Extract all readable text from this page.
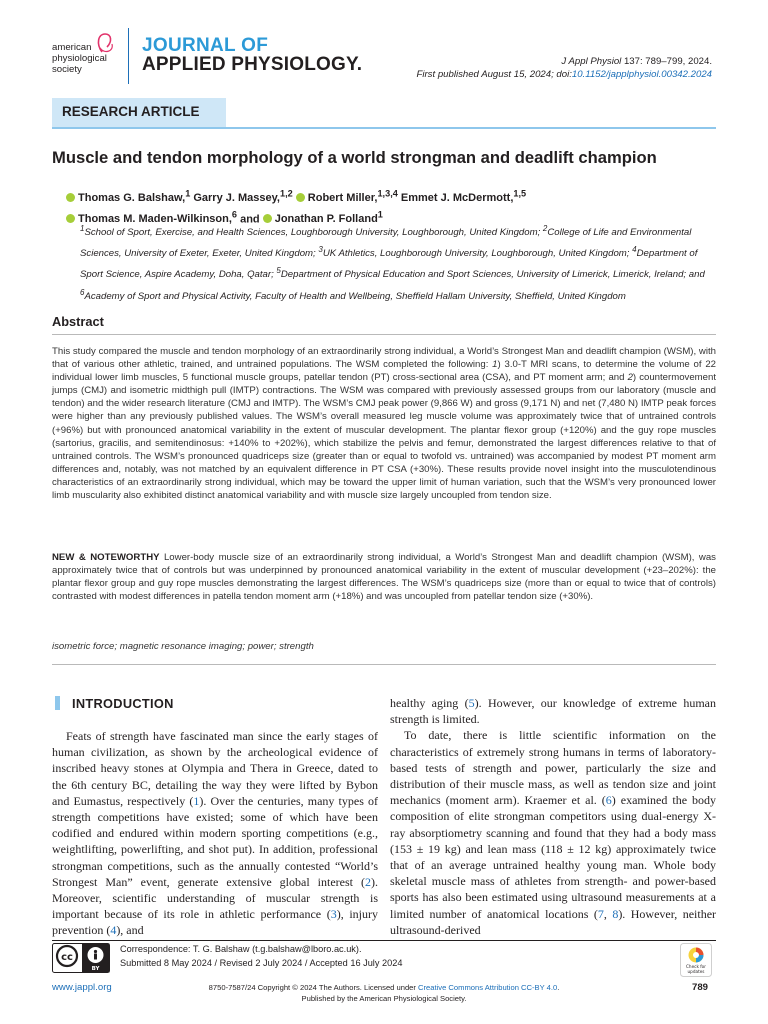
american
physiological
society
JOURNAL OF
APPLIED PHYSIOLOGY.	J Appl Physiol 137: 789–799, 2024.
First published August 15, 2024; doi:10.1152/japplphysiol.00342.2024
RESEARCH ARTICLE
Muscle and tendon morphology of a world strongman and deadlift champion
Thomas G. Balshaw,$^1$ Garry J. Massey,$^{1,2}$ Robert Miller,$^{1,3,4}$ Emmet J. McDermott,$^{1,5}$
Thomas M. Maden-Wilkinson,$^6$ and Jonathan P. Folland$^1$
$^1$School of Sport, Exercise, and Health Sciences, Loughborough University, Loughborough, United Kingdom; $^2$College of Life and Environmental Sciences, University of Exeter, Exeter, United Kingdom; $^3$UK Athletics, Loughborough University, Loughborough, United Kingdom; $^4$Department of Sport Science, Aspire Academy, Doha, Qatar; $^5$Department of Physical Education and Sport Sciences, University of Limerick, Limerick, Ireland; and $^6$Academy of Sport and Physical Activity, Faculty of Health and Wellbeing, Sheffield Hallam University, Sheffield, United Kingdom
Abstract
This study compared the muscle and tendon morphology of an extraordinarily strong individual, a World’s Strongest Man and deadlift champion (WSM), with that of various other athletic, trained, and untrained populations. The WSM completed the following: 1) 3.0-T MRI scans, to determine the volume of 22 individual lower limb muscles, 5 functional muscle groups, patellar tendon (PT) cross-sectional area (CSA), and PT moment arm; and 2) countermovement jumps (CMJ) and isometric midthigh pull (IMTP) contractions. The WSM was compared with previously assessed groups from our laboratory (muscle and tendon) and the wider research literature (CMJ and IMTP). The WSM’s CMJ peak power (9,866 W) and gross (9,171 N) and net (7,480 N) IMTP peak forces were higher than any previously published values. The WSM’s overall measured leg muscle volume was approximately twice that of untrained controls (+96%) but with pronounced anatomical variability in the extent of muscular development. The plantar flexor group (+120%) and the guy rope muscles (sartorius, gracilis, and semitendinosus: +140% to +202%), which stabilize the pelvis and femur, demonstrated the largest differences relative to that of untrained controls. The WSM’s pronounced quadriceps size (greater than or equal to twofold vs. untrained) was accompanied by modest PT moment arm differences and, notably, was not matched by an equivalent difference in PT CSA (+30%). These results provide novel insight into the musculotendinous characteristics of an extraordinarily strong individual, which may be toward the upper limit of human variation, such that the WSM’s very pronounced lower limb muscularity also exhibited distinct anatomical variability and with muscle size largely uncoupled from tendon size.
NEW & NOTEWORTHY Lower-body muscle size of an extraordinarily strong individual, a World’s Strongest Man and deadlift champion (WSM), was approximately twice that of controls but was underpinned by pronounced anatomical variability in the extent of muscular development (+23–202%): the plantar flexor group and guy rope muscles demonstrating the largest differences. The WSM’s quadriceps size (more than or equal to twice that of controls) contrasted with modest differences in patella tendon moment arm (+18%) and was uncoupled from patellar tendon size (+30%).
isometric force; magnetic resonance imaging; power; strength
INTRODUCTION

Feats of strength have fascinated man since the early stages of human civilization, as shown by the archeological evidence of inscribed heavy stones at Olympia and Thera in Greece, dated to the 6th century BC, detailing the way they were lifted by Bybon and Eumastus, respectively (1). Over the centuries, many types of strength competitions have existed; some of which have been codified and endured within modern sporting competitions (e.g., weightlifting, powerlifting, and shot put). In addition, professional strongman competitions, such as the annually contested “World’s Strongest Man” event, generate extensive global interest (2). Moreover, scientific understanding of muscular strength is important because of its role in athletic performance (3), injury prevention (4), and

healthy aging (5). However, our knowledge of extreme human strength is limited.

To date, there is little scientific information on the characteristics of extremely strong humans in terms of laboratory-based tests of strength and power, particularly the size and distribution of their muscle mass, as well as tendon size and joint mechanics (moment arm). Kraemer et al. (6) examined the body composition of elite strongman competitors using dual-energy X-ray absorptiometry scanning and found that they had a body mass (153 ± 19 kg) and lean mass (118 ± 12 kg) approximately twice that of an average untrained healthy young man. Whole body skeletal muscle mass of athletes from strength- and power-based sports has also been estimated using ultrasound measurements at a limited number of anatomical locations (7, 8). However, neither ultrasound-derived

cc
BY
Correspondence: T. G. Balshaw (t.g.balshaw@lboro.ac.uk).
Submitted 8 May 2024 / Revised 2 July 2024 / Accepted 16 July 2024	Check for
updates
www.jappl.org	8750-7587/24 Copyright © 2024 The Authors. Licensed under Creative Commons Attribution CC-BY 4.0.
Published by the American Physiological Society.
789
